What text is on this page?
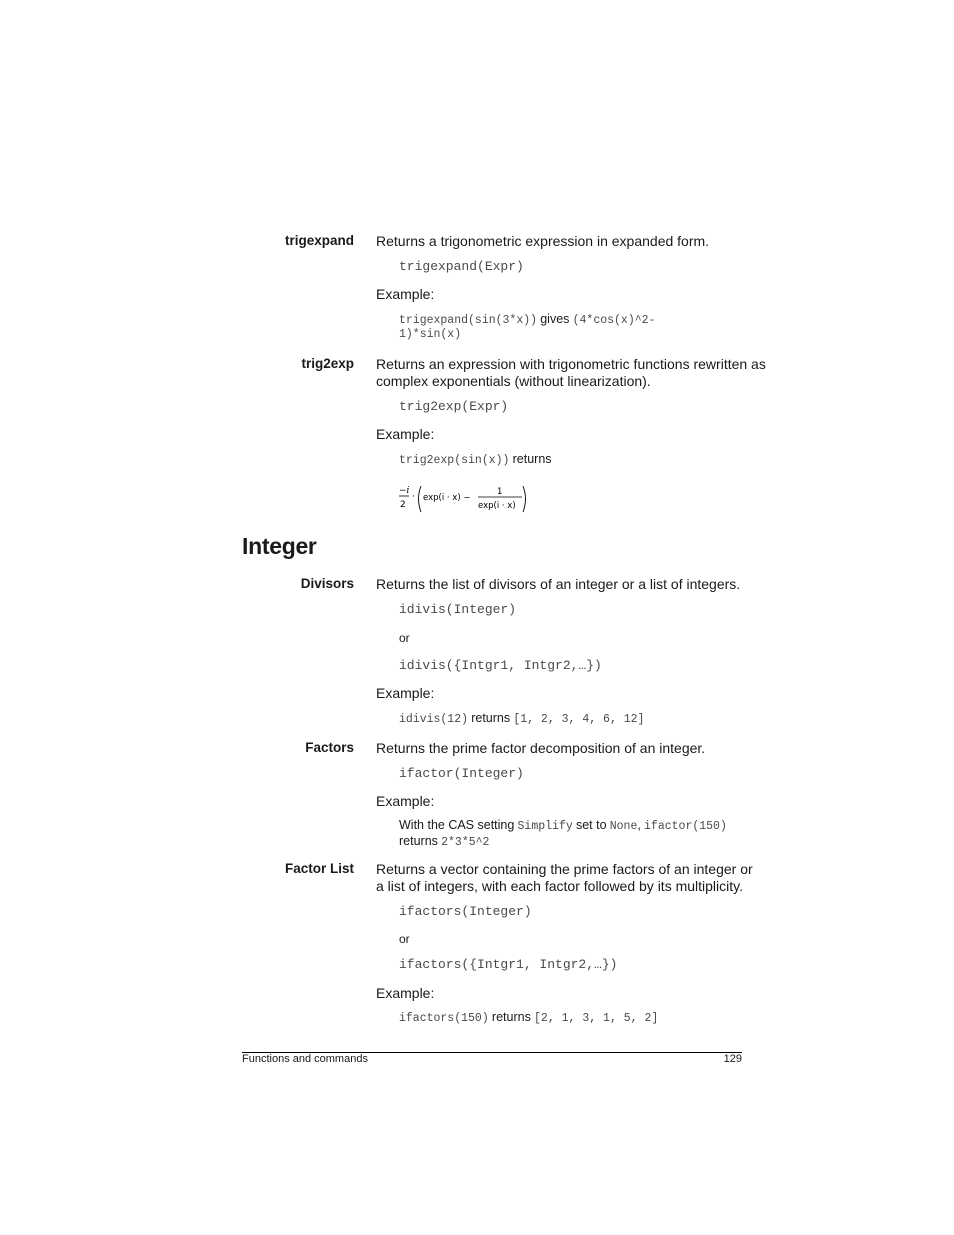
trigexpand Returns a trigonometric expression in expanded form.
trigexpand(Expr)
Example:
trigexpand(sin(3*x)) gives (4*cos(x)^2-
1)*sin(x)
trig2exp Returns an expression with trigonometric functions rewritten as
complex exponentials (without linearization).
trig2exp(Expr)
Example:
trig2exp(sin(x)) returns
−i
2
· exp(i · x) −
1
exp(i · x)
Integer
Divisors Returns the list of divisors of an integer or a list of integers.
idivis(Integer)
or
idivis({Intgr1, Intgr2,…})
Example:
idivis(12) returns [1, 2, 3, 4, 6, 12]
Factors Returns the prime factor decomposition of an integer.
ifactor(Integer)
Example:
With the CAS setting Simplify set to None, ifactor(150)
returns 2*3*5^2
Factor List Returns a vector containing the prime factors of an integer or
a list of integers, with each factor followed by its multiplicity.
ifactors(Integer)
or
ifactors({Intgr1, Intgr2,…})
Example:
ifactors(150) returns [2, 1, 3, 1, 5, 2]
Functions and commands	129
